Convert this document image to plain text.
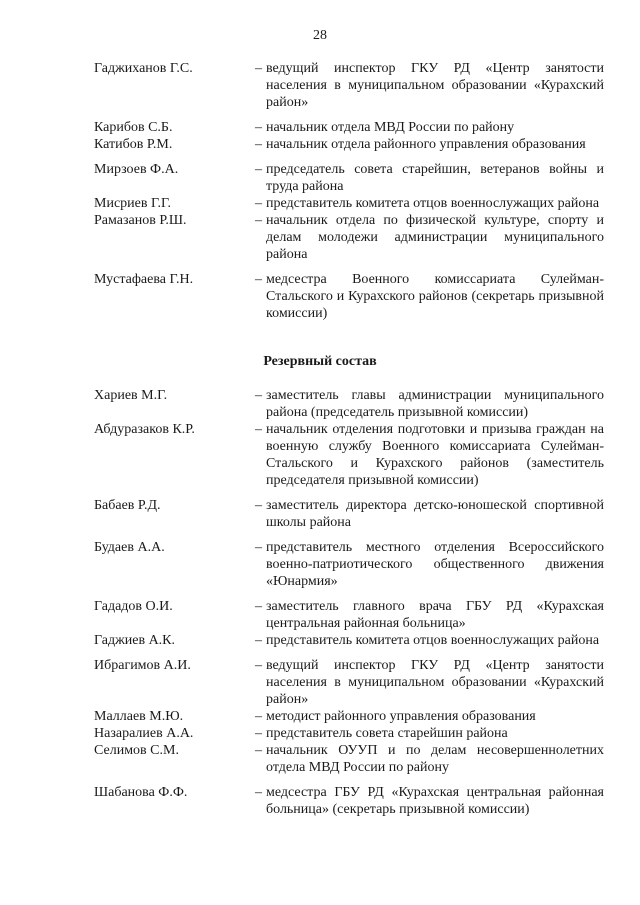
28
Гаджиханов Г.С.	– ведущий инспектор ГКУ РД «Центр занятости населения в муниципальном образовании «Курахский район»
Карибов С.Б.	– начальник отдела МВД России по району
Катибов Р.М.	– начальник отдела районного управления образования
Мирзоев Ф.А.	– председатель совета старейшин, ветеранов войны и труда района
Мисриев Г.Г.	– представитель комитета отцов военнослужащих района
Рамазанов Р.Ш.	– начальник отдела по физической культуре, спорту и делам молодежи администрации муниципального района
Мустафаева Г.Н.	– медсестра Военного комиссариата Сулейман-Стальского и Курахского районов (секретарь призывной комиссии)
Резервный состав
Хариев М.Г.	– заместитель главы администрации муниципального района (председатель призывной комиссии)
Абдуразаков К.Р.	– начальник отделения подготовки и призыва граждан на военную службу Военного комиссариата Сулейман-Стальского и Курахского районов (заместитель председателя призывной комиссии)
Бабаев Р.Д.	– заместитель директора детско-юношеской спортивной школы района
Будаев А.А.	– представитель местного отделения Всероссийского военно-патриотического общественного движения «Юнармия»
Гададов О.И.	– заместитель главного врача ГБУ РД «Курахская центральная районная больница»
Гаджиев А.К.	– представитель комитета отцов военнослужащих района
Ибрагимов А.И.	– ведущий инспектор ГКУ РД «Центр занятости населения в муниципальном образовании «Курахский район»
Маллаев М.Ю.	– методист районного управления образования
Назаралиев А.А.	– представитель совета старейшин района
Селимов С.М.	– начальник ОУУП и по делам несовершеннолетних отдела МВД России по району
Шабанова Ф.Ф.	– медсестра ГБУ РД «Курахская центральная районная больница» (секретарь призывной комиссии)
